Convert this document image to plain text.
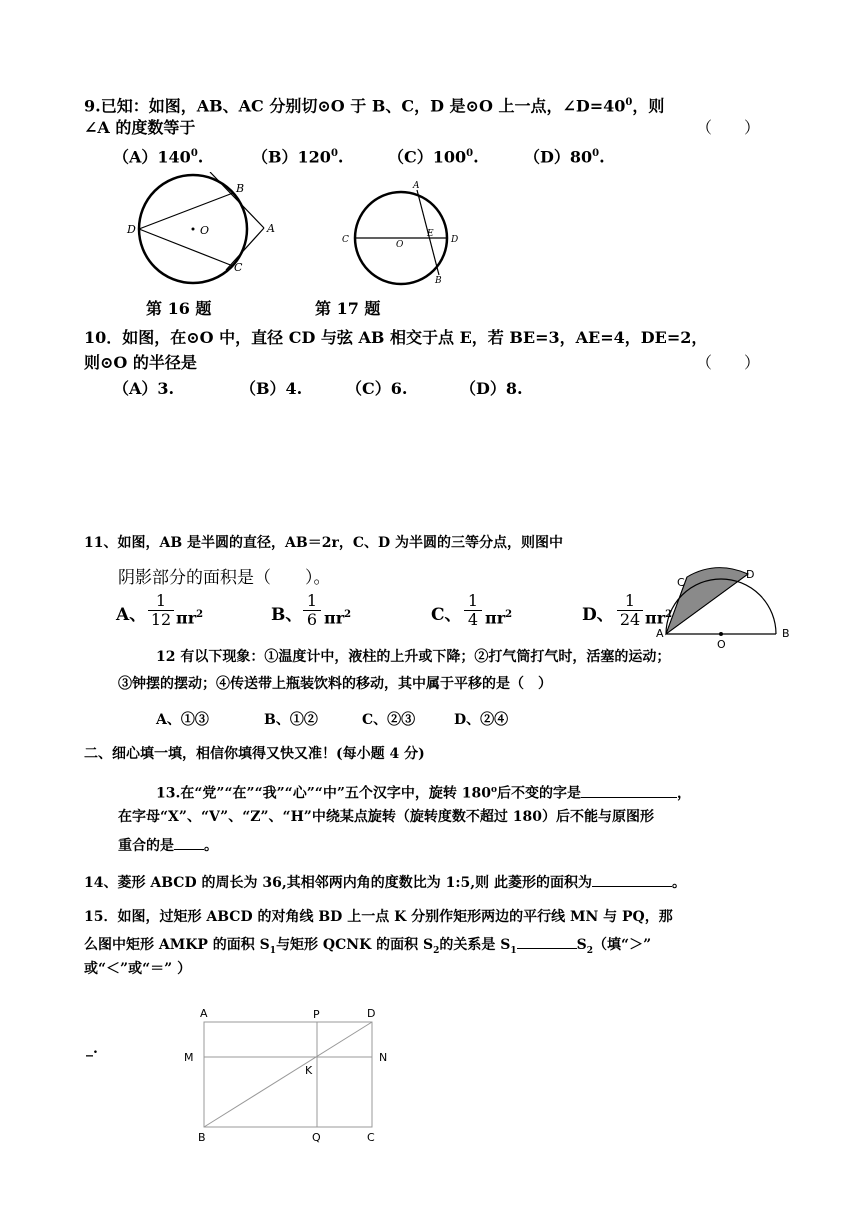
9.已知：如图，AB、AC 分别切⊙O 于 B、C，D 是⊙O 上一点，$\angle D=40^0$，则
∠A 的度数等于	（　　）
$(A)140^0$.	$(B)120^0$.	$(C)100^0$.	$(D)80^0$.
B
D	O	A
C
A
C	O
E
D
B
第 16 题	第 17 题
10．如图，在⊙O 中，直径 CD 与弦 AB 相交于点 E，若 BE=3，AE=4，DE=2，
则⊙O 的半径是	（　　）
（A）3.	（B）4.	（C）6.	（D）8.
11、如图，AB 是半圆的直径，AB＝2r，C、D 为半圆的三等分点，则图中
阴影部分的面积是（　　）。
A、 $\frac{1}{12} \pi r^2$	B、 $\frac{1}{6} \pi r^2$	C、 $\frac{1}{4} \pi r^2$	D、 $\frac{1}{24} \pi r^2$
C
D
A
O
B
12 有以下现象：①温度计中，液柱的上升或下降；②打气筒打气时，活塞的运动；
③钟摆的摆动；④传送带上瓶装饮料的移动，其中属于平移的是（　）
A、①③	B、①②	C、②③	D、②④
二、细心填一填，相信你填得又快又准！(每小题 4 分)
13.在“党”“在”“我”“心”“中”五个汉字中，旋转 180$^o$后不变的字是	，
在字母“X”、“V”、“Z”、“H”中绕某点旋转（旋转度数不超过 180）后不能与原图形
重合的是 。
14、菱形 ABCD 的周长为 36,其相邻两内角的度数比为 1:5,则 此菱形的面积为	。
15．如图，过矩形 ABCD 的对角线 BD 上一点 K 分别作矩形两边的平行线 MN 与 PQ，那
么图中矩形 AMKP 的面积 $S_1$与矩形 QCNK 的面积 $S_2$的关系是 $S_1$	$S_2$（填“＞”
或“＜”或“＝” ）
_.
A	P	D
M	N
K
B	Q	C
